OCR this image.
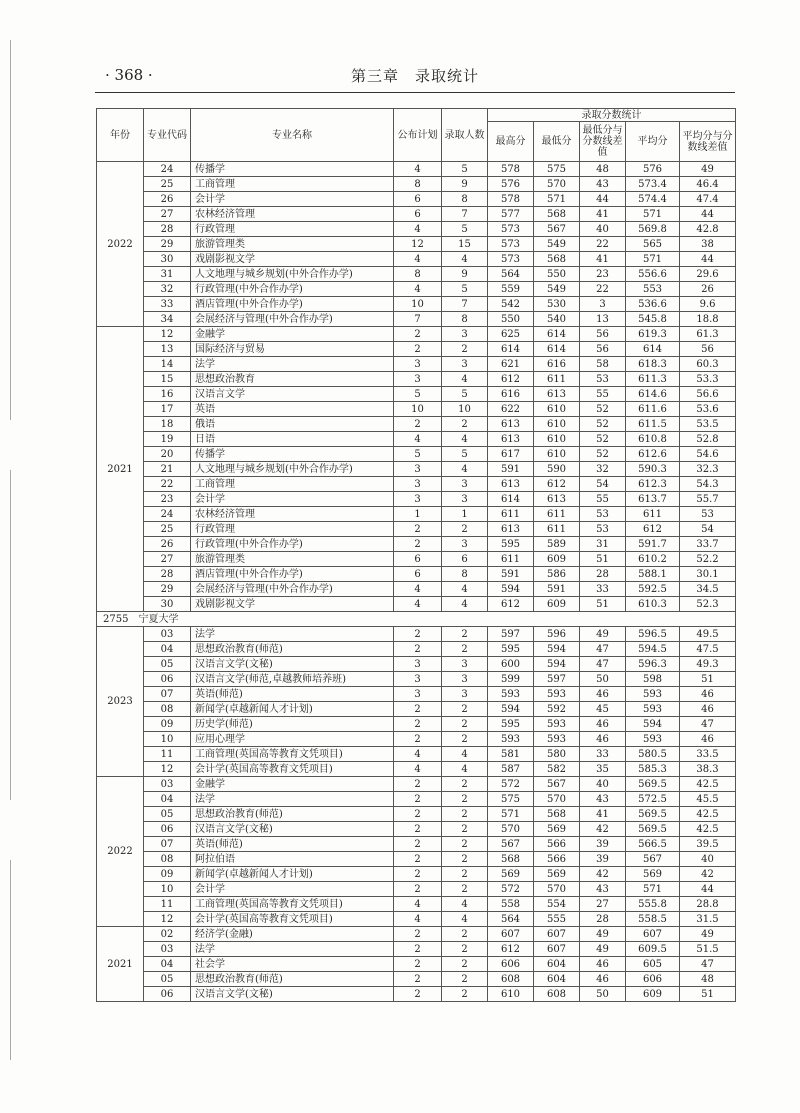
· 368 ·	第三章　录取统计
年份	专业代码	专业名称	公布计划	录取人数	录取分数统计				
					最高分	最低分	最低分与分数线差值	平均分	平均分与分数线差值
2022	24	传播学	4	5	578	575	48	576	49
	25	工商管理	8	9	576	570	43	573.4	46.4
	26	会计学	6	8	578	571	44	574.4	47.4
	27	农林经济管理	6	7	577	568	41	571	44
	28	行政管理	4	5	573	567	40	569.8	42.8
	29	旅游管理类	12	15	573	549	22	565	38
	30	戏剧影视文学	4	4	573	568	41	571	44
	31	人文地理与城乡规划(中外合作办学)	8	9	564	550	23	556.6	29.6
	32	行政管理(中外合作办学)	4	5	559	549	22	553	26
	33	酒店管理(中外合作办学)	10	7	542	530	3	536.6	9.6
	34	会展经济与管理(中外合作办学)	7	8	550	540	13	545.8	18.8
2021	12	金融学	2	3	625	614	56	619.3	61.3
	13	国际经济与贸易	2	2	614	614	56	614	56
	14	法学	3	3	621	616	58	618.3	60.3
	15	思想政治教育	3	4	612	611	53	611.3	53.3
	16	汉语言文学	5	5	616	613	55	614.6	56.6
	17	英语	10	10	622	610	52	611.6	53.6
	18	俄语	2	2	613	610	52	611.5	53.5
	19	日语	4	4	613	610	52	610.8	52.8
	20	传播学	5	5	617	610	52	612.6	54.6
	21	人文地理与城乡规划(中外合作办学)	3	4	591	590	32	590.3	32.3
	22	工商管理	3	3	613	612	54	612.3	54.3
	23	会计学	3	3	614	613	55	613.7	55.7
	24	农林经济管理	1	1	611	611	53	611	53
	25	行政管理	2	2	613	611	53	612	54
	26	行政管理(中外合作办学)	2	3	595	589	31	591.7	33.7
	27	旅游管理类	6	6	611	609	51	610.2	52.2
	28	酒店管理(中外合作办学)	6	8	591	586	28	588.1	30.1
	29	会展经济与管理(中外合作办学)	4	4	594	591	33	592.5	34.5
	30	戏剧影视文学	4	4	612	609	51	610.3	52.3
2755　宁夏大学									
2023	03	法学	2	2	597	596	49	596.5	49.5
	04	思想政治教育(师范)	2	2	595	594	47	594.5	47.5
	05	汉语言文学(文秘)	3	3	600	594	47	596.3	49.3
	06	汉语言文学(师范,卓越教师培养班)	3	3	599	597	50	598	51
	07	英语(师范)	3	3	593	593	46	593	46
	08	新闻学(卓越新闻人才计划)	2	2	594	592	45	593	46
	09	历史学(师范)	2	2	595	593	46	594	47
	10	应用心理学	2	2	593	593	46	593	46
	11	工商管理(英国高等教育文凭项目)	4	4	581	580	33	580.5	33.5
	12	会计学(英国高等教育文凭项目)	4	4	587	582	35	585.3	38.3
2022	03	金融学	2	2	572	567	40	569.5	42.5
	04	法学	2	2	575	570	43	572.5	45.5
	05	思想政治教育(师范)	2	2	571	568	41	569.5	42.5
	06	汉语言文学(文秘)	2	2	570	569	42	569.5	42.5
	07	英语(师范)	2	2	567	566	39	566.5	39.5
	08	阿拉伯语	2	2	568	566	39	567	40
	09	新闻学(卓越新闻人才计划)	2	2	569	569	42	569	42
	10	会计学	2	2	572	570	43	571	44
	11	工商管理(英国高等教育文凭项目)	4	4	558	554	27	555.8	28.8
	12	会计学(英国高等教育文凭项目)	4	4	564	555	28	558.5	31.5
2021	02	经济学(金融)	2	2	607	607	49	607	49
	03	法学	2	2	612	607	49	609.5	51.5
	04	社会学	2	2	606	604	46	605	47
	05	思想政治教育(师范)	2	2	608	604	46	606	48
	06	汉语言文学(文秘)	2	2	610	608	50	609	51
